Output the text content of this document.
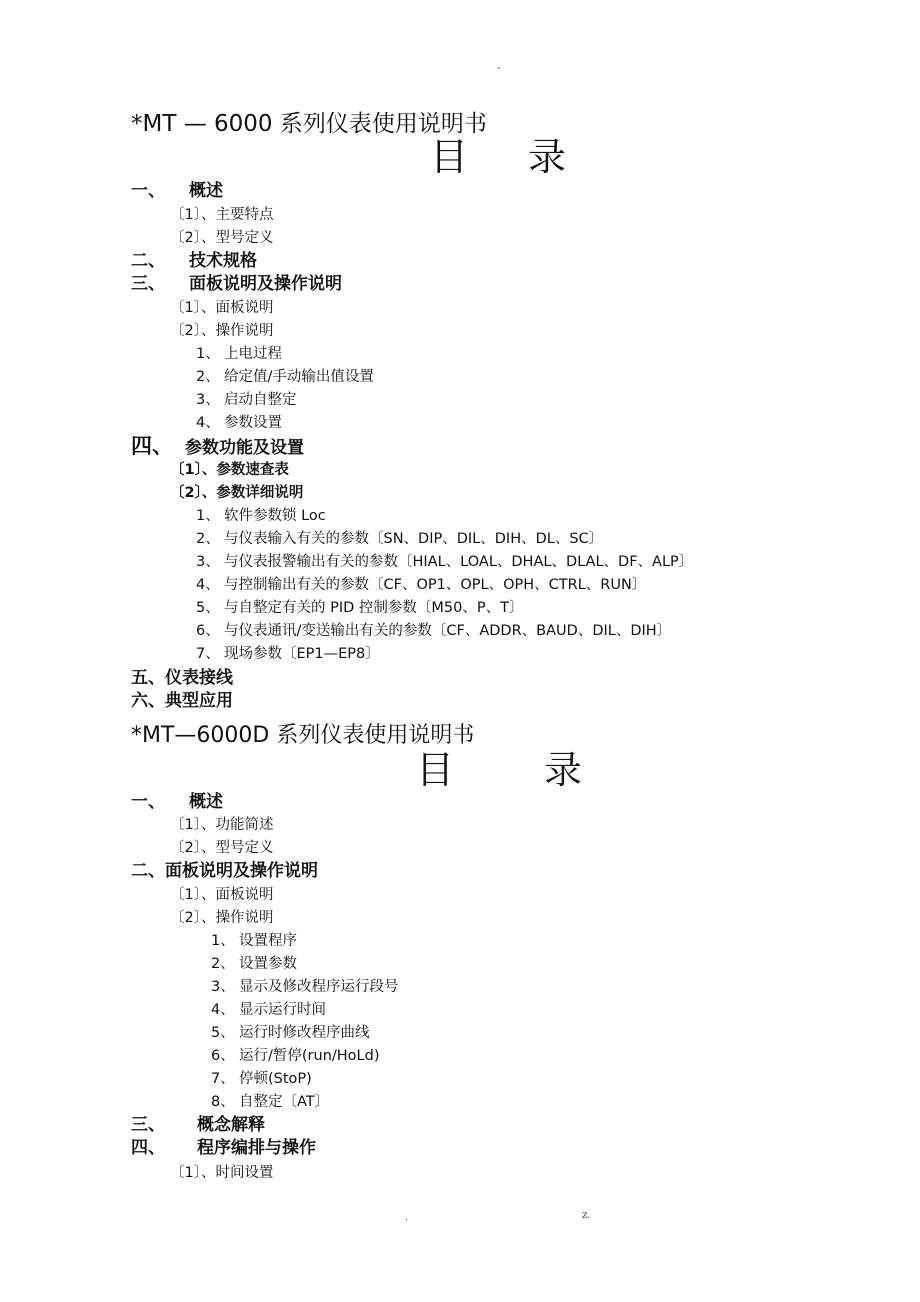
-
*MT — 6000 系列仪表使用说明书
目 录
一、 概述
〔1〕、主要特点
〔2〕、型号定义
二、 技术规格
三、 面板说明及操作说明
〔1〕、面板说明
〔2〕、操作说明
1、 上电过程
2、 给定值/手动输出值设置
3、 启动自整定
4、 参数设置
四、 参数功能及设置
〔1〕、参数速查表
〔2〕、参数详细说明
1、 软件参数锁 Loc
2、 与仪表输入有关的参数〔SN、DIP、DIL、DIH、DL、SC〕
3、 与仪表报警输出有关的参数〔HIAL、LOAL、DHAL、DLAL、DF、ALP〕
4、 与控制输出有关的参数〔CF、OP1、OPL、OPH、CTRL、RUN〕
5、 与自整定有关的 PID 控制参数〔M50、P、T〕
6、 与仪表通讯/变送输出有关的参数〔CF、ADDR、BAUD、DIL、DIH〕
7、 现场参数〔EP1—EP8〕
五、仪表接线
六、典型应用
*MT—6000D 系列仪表使用说明书
目 录
一、 概述
〔1〕、功能简述
〔2〕、型号定义
二、面板说明及操作说明
〔1〕、面板说明
〔2〕、操作说明
1、 设置程序
2、 设置参数
3、 显示及修改程序运行段号
4、 显示运行时间
5、 运行时修改程序曲线
6、 运行/暂停(run/HoLd)
7、 停顿(StoP)
8、 自整定〔AT〕
三、 概念解释
四、 程序编排与操作
〔1〕、时间设置
.	z.
